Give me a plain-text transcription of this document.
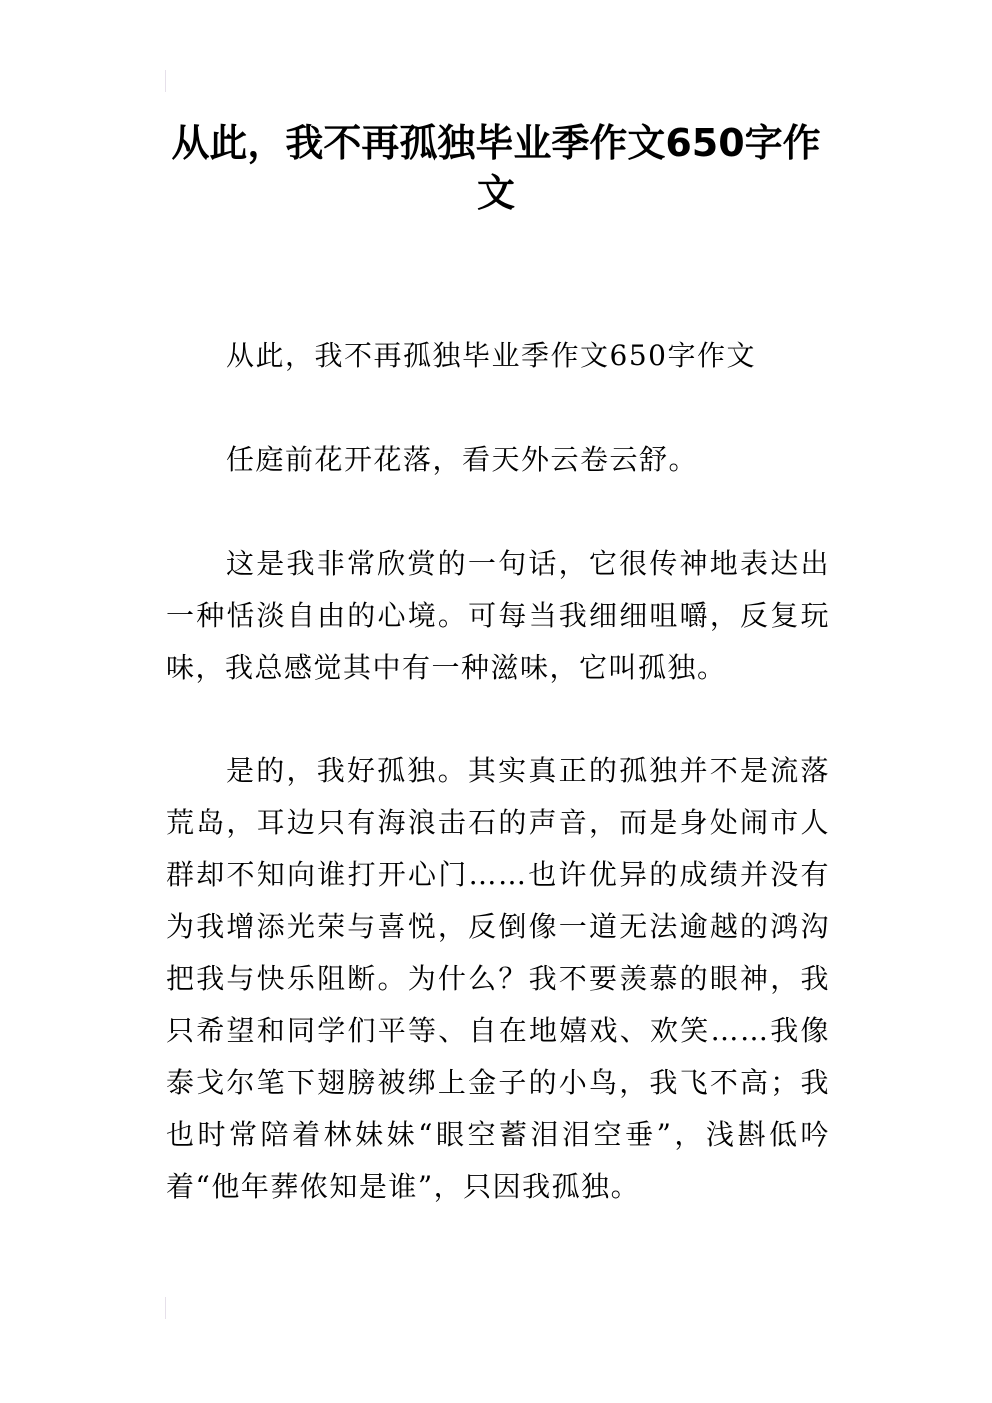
从此，我不再孤独毕业季作文650字作文

从此，我不再孤独毕业季作文650字作文

任庭前花开花落，看天外云卷云舒。

这是我非常欣赏的一句话，它很传神地表达出一种恬淡自由的心境。可每当我细细咀嚼，反复玩味，我总感觉其中有一种滋味，它叫孤独。

是的，我好孤独。其实真正的孤独并不是流落荒岛，耳边只有海浪击石的声音，而是身处闹市人群却不知向谁打开心门……也许优异的成绩并没有为我增添光荣与喜悦，反倒像一道无法逾越的鸿沟把我与快乐阻断。为什么？我不要羡慕的眼神，我只希望和同学们平等、自在地嬉戏、欢笑……我像泰戈尔笔下翅膀被绑上金子的小鸟，我飞不高；我也时常陪着林妹妹“眼空蓄泪泪空垂”，浅斟低吟着“他年葬侬知是谁”，只因我孤独。
